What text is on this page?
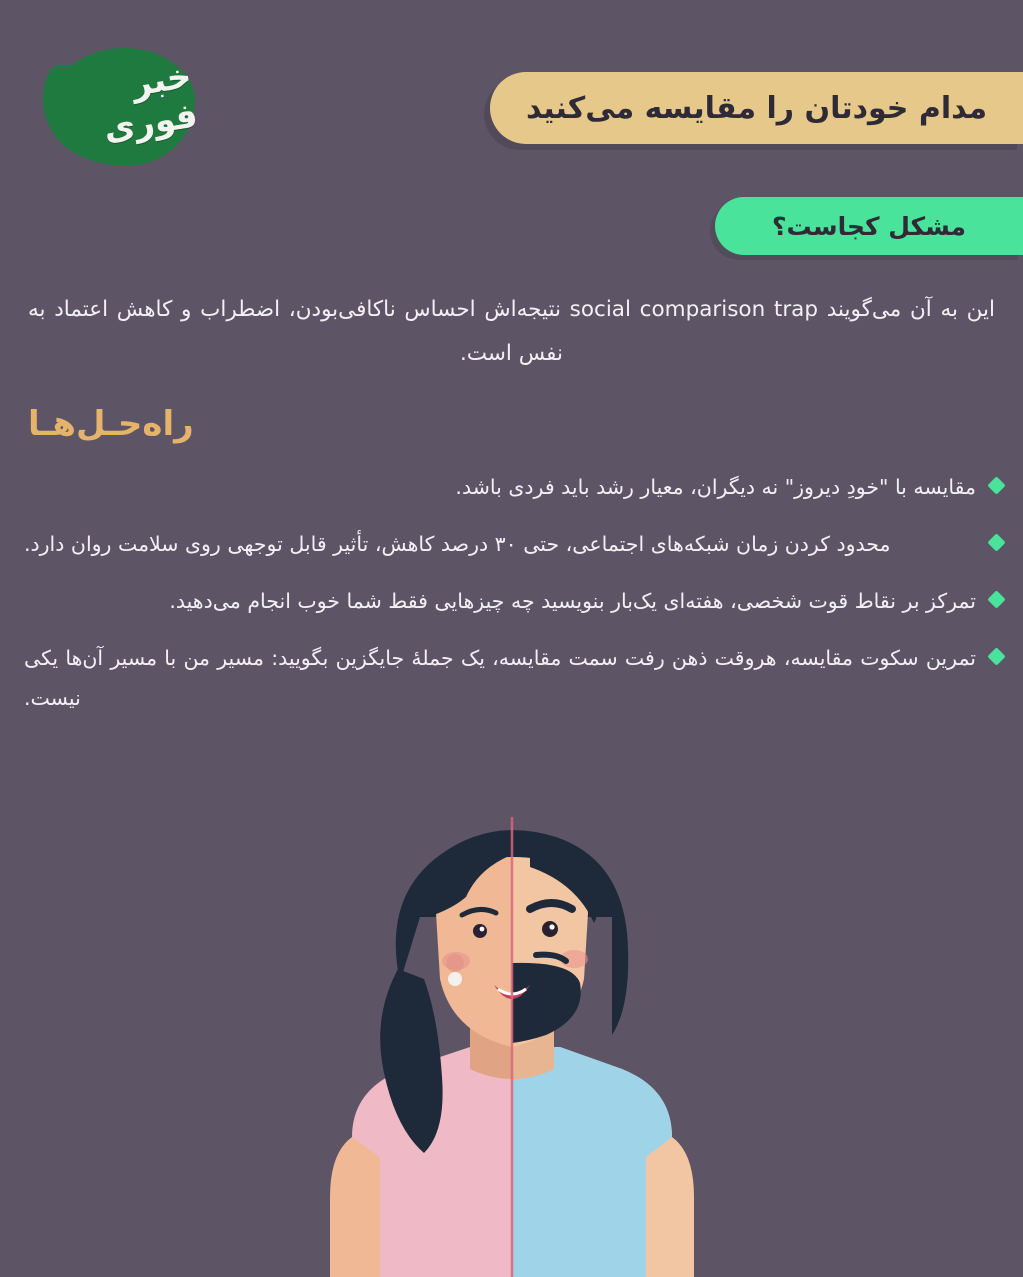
خبر فوری	مدام خودتان را مقایسه می‌کنید
مشکل کجاست؟
این به آن می‌گویند social comparison trap نتیجه‌اش احساس ناکافی‌بودن، اضطراب و کاهش اعتماد به نفس است.
راه‌حـل‌هـا
مقایسه با "خودِ دیروز" نه دیگران، معیار رشد باید فردی باشد.
محدود کردن زمان شبکه‌های اجتماعی، حتی ۳۰ درصد کاهش، تأثیر قابل توجهی روی سلامت روان دارد.
تمرکز بر نقاط قوت شخصی، هفته‌ای یک‌بار بنویسید چه چیزهایی فقط شما خوب انجام می‌دهید.
تمرین سکوت مقایسه، هروقت ذهن رفت سمت مقایسه، یک جملهٔ جایگزین بگویید: مسیر من با مسیر آن‌ها یکی نیست.
